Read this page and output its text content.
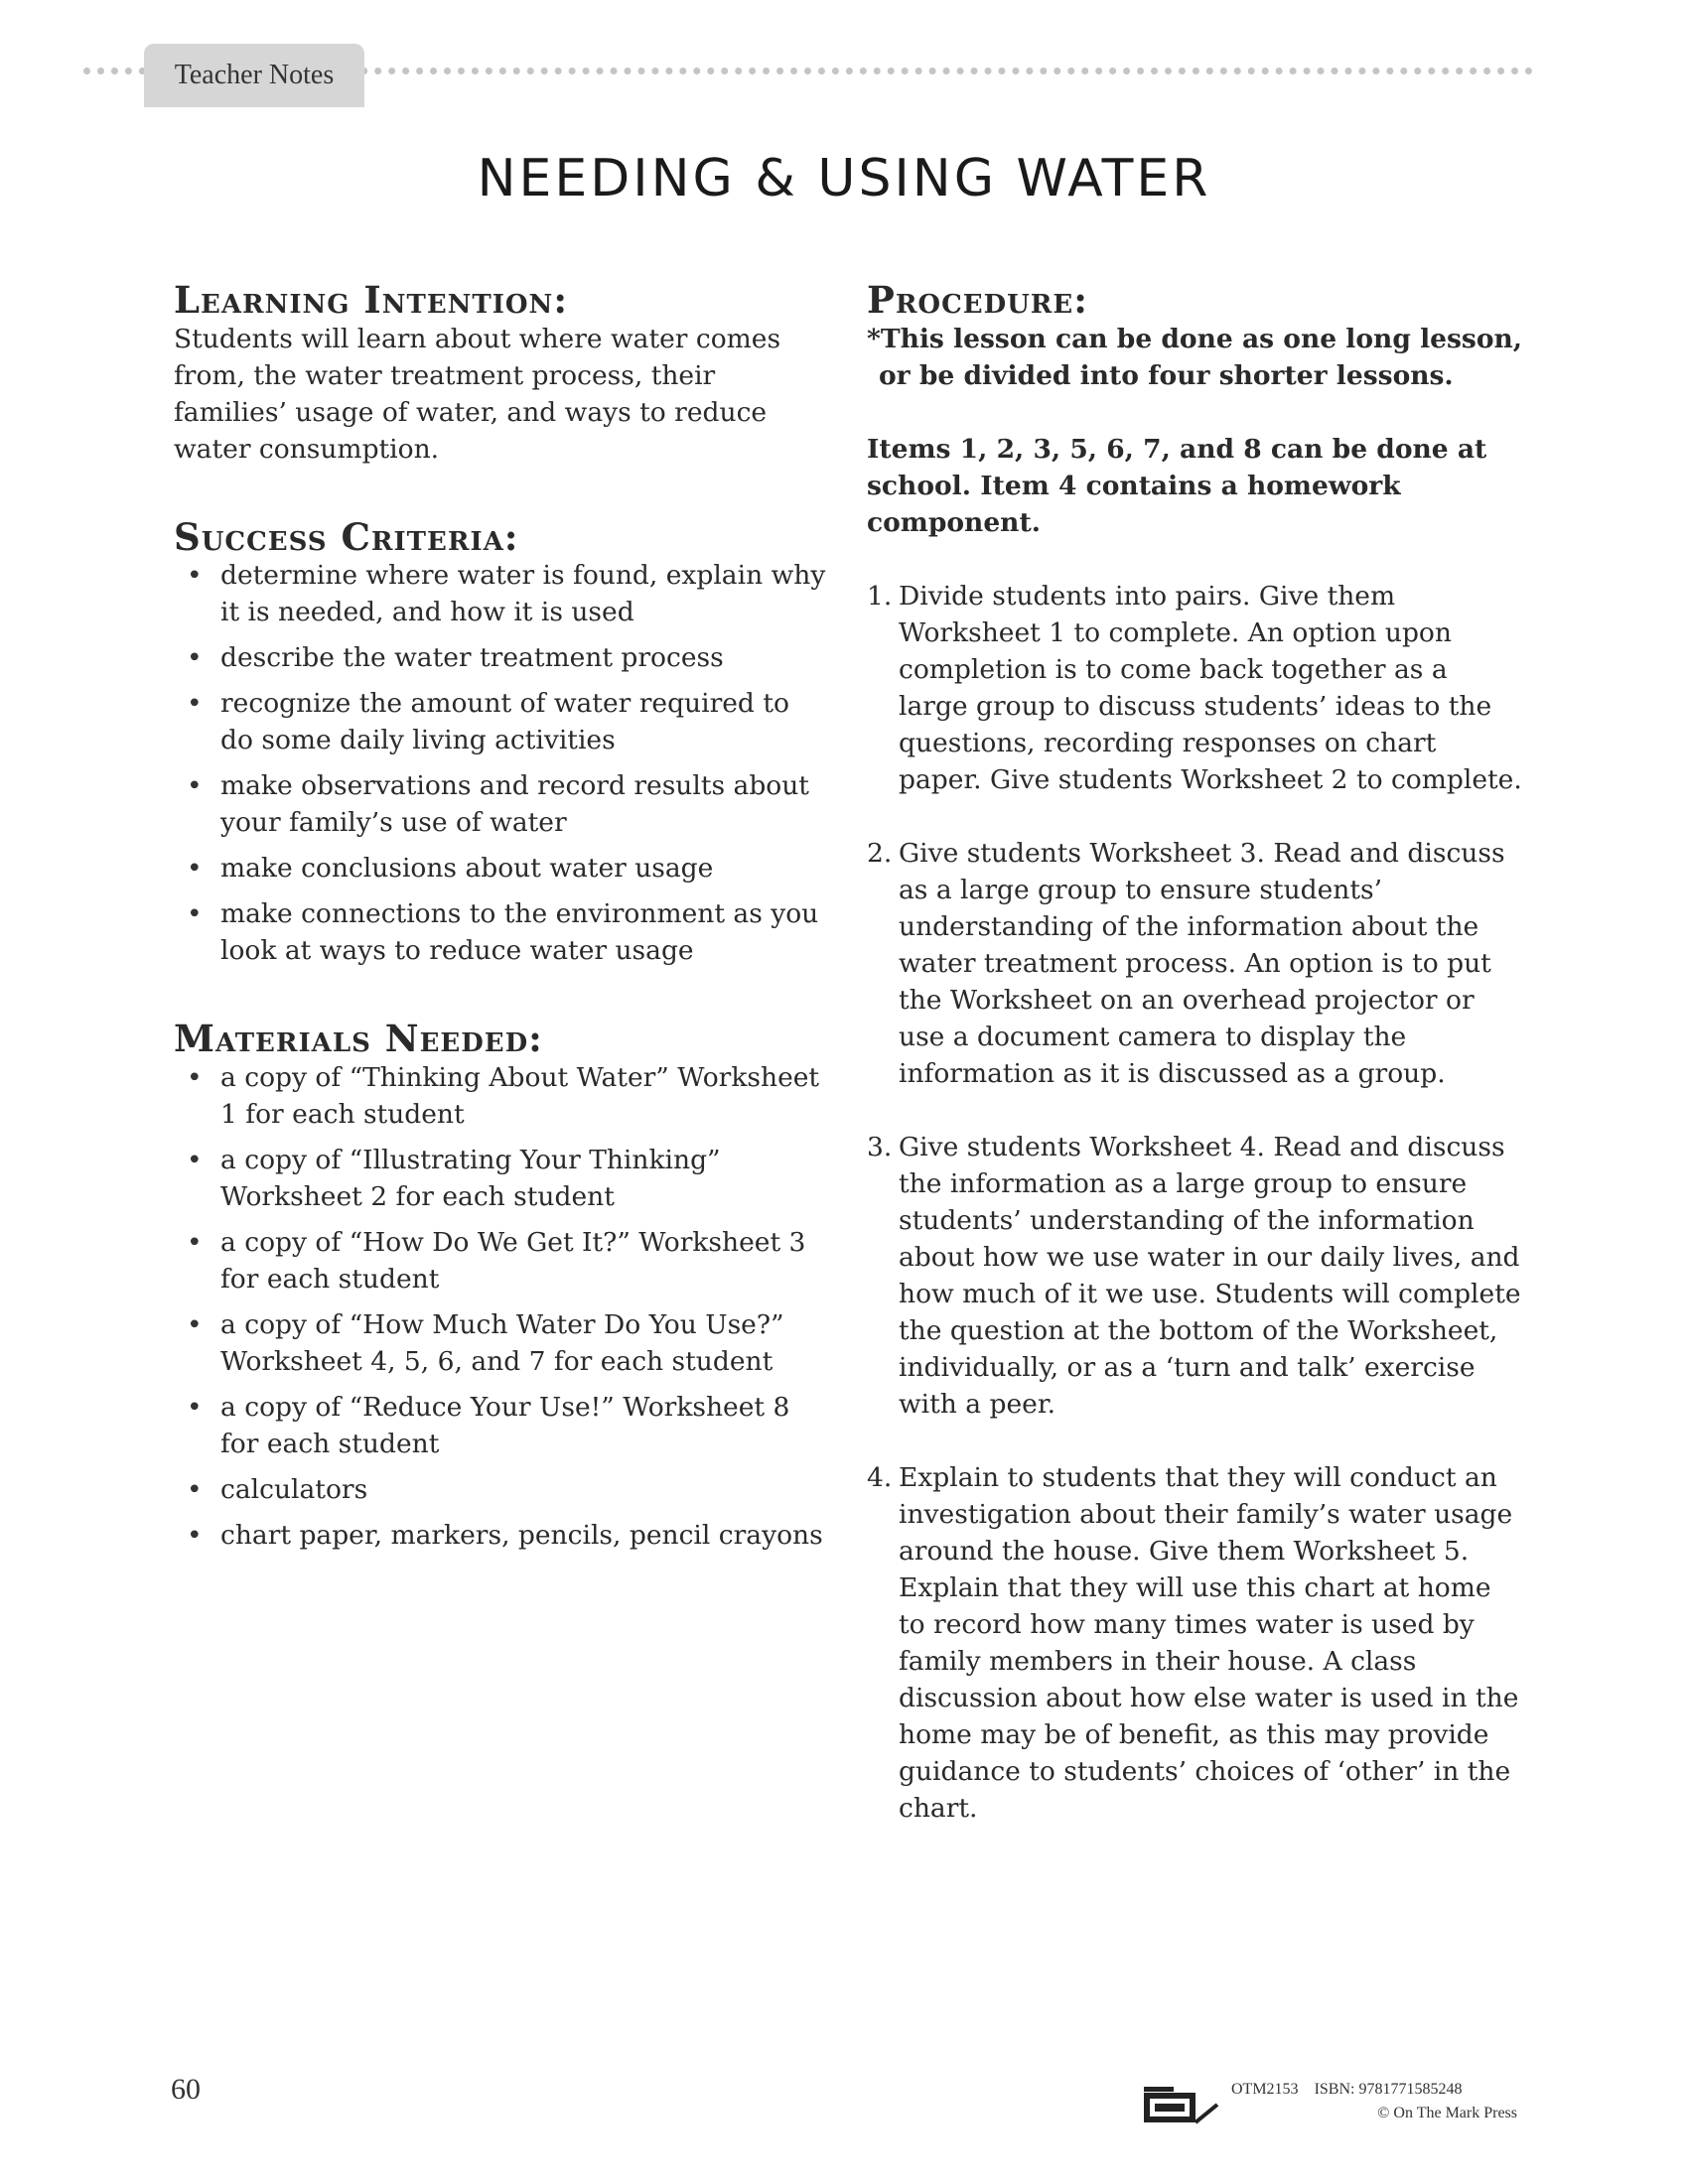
Teacher Notes
NEEDING & USING WATER
Learning Intention:

Students will learn about where water comes from, the water treatment process, their families’ usage of water, and ways to reduce water consumption.

Success Criteria:
• determine where water is found, explain why it is needed, and how it is used
• describe the water treatment process
• recognize the amount of water required to do some daily living activities
• make observations and record results about your family’s use of water
• make conclusions about water usage
• make connections to the environment as you look at ways to reduce water usage
Materials Needed:
• a copy of “Thinking About Water” Worksheet 1 for each student
• a copy of “Illustrating Your Thinking” Worksheet 2 for each student
• a copy of “How Do We Get It?” Worksheet 3 for each student
• a copy of “How Much Water Do You Use?” Worksheet 4, 5, 6, and 7 for each student
• a copy of “Reduce Your Use!” Worksheet 8 for each student
• calculators
• chart paper, markers, pencils, pencil crayons
Procedure:

*This lesson can be done as one long lesson, or be divided into four shorter lessons.

Items 1, 2, 3, 5, 6, 7, and 8 can be done at school. Item 4 contains a homework component.

1. Divide students into pairs. Give them Worksheet 1 to complete. An option upon completion is to come back together as a large group to discuss students’ ideas to the questions, recording responses on chart paper. Give students Worksheet 2 to complete.
2. Give students Worksheet 3. Read and discuss as a large group to ensure students’ understanding of the information about the water treatment process. An option is to put the Worksheet on an overhead projector or use a document camera to display the information as it is discussed as a group.
3. Give students Worksheet 4. Read and discuss the information as a large group to ensure students’ understanding of the information about how we use water in our daily lives, and how much of it we use. Students will complete the question at the bottom of the Worksheet, individually, or as a ‘turn and talk’ exercise with a peer.
4. Explain to students that they will conduct an investigation about their family’s water usage around the house. Give them Worksheet 5. Explain that they will use this chart at home to record how many times water is used by family members in their house. A class discussion about how else water is used in the home may be of benefit, as this may provide guidance to students’ choices of ‘other’ in the chart.
60	OTM2153 ISBN: 9781771585248
© On The Mark Press
